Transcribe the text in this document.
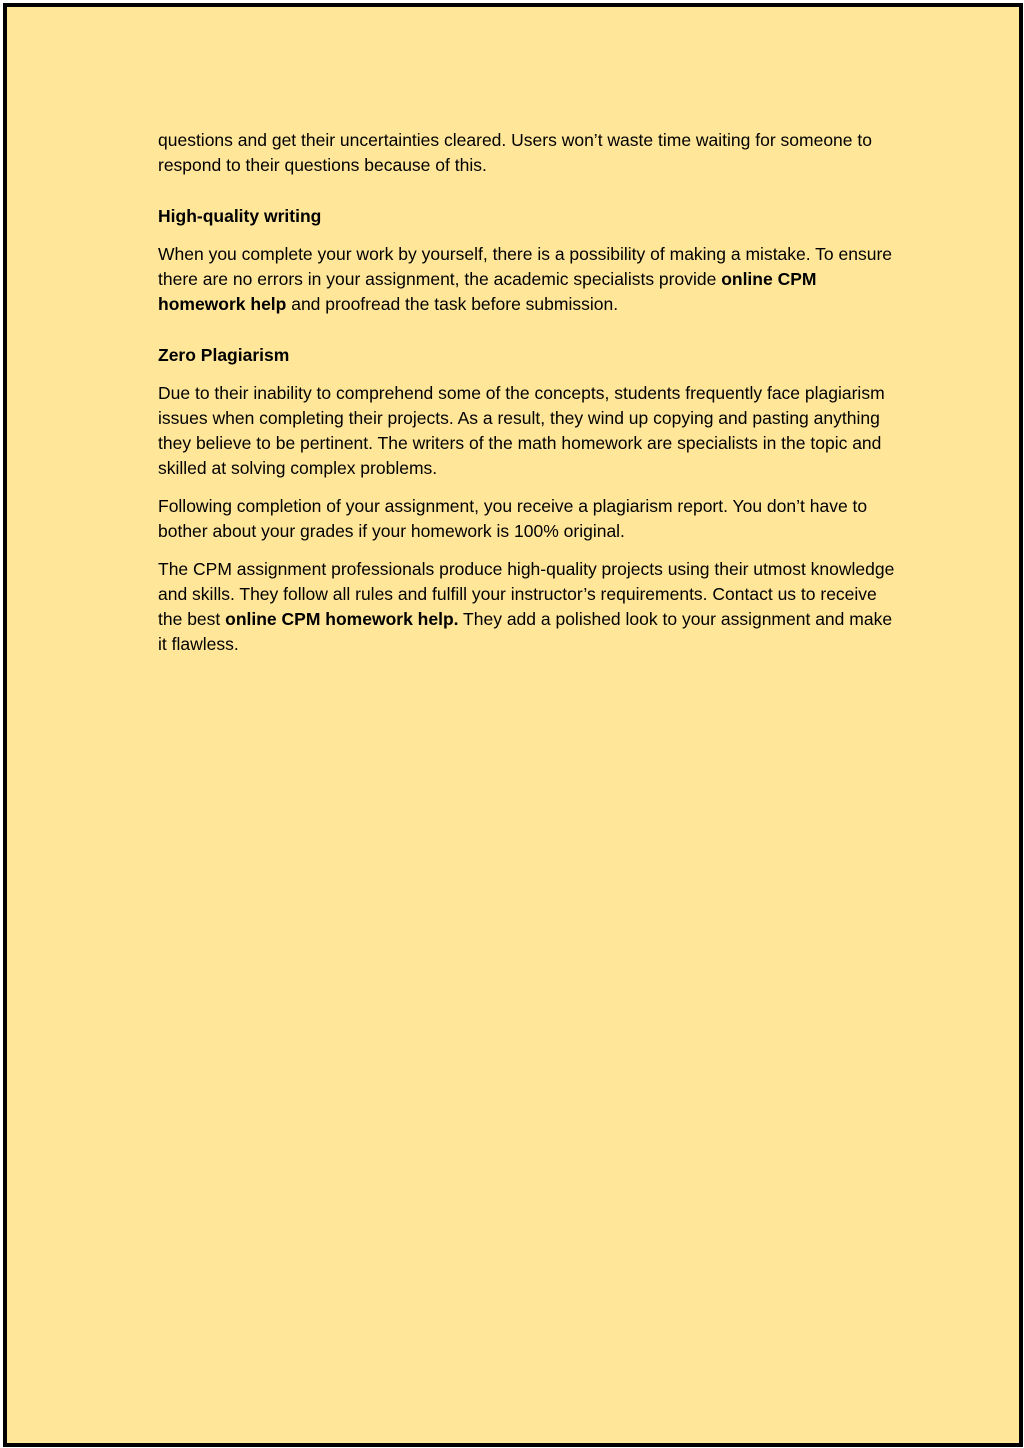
questions and get their uncertainties cleared. Users won’t waste time waiting for someone to respond to their questions because of this.

High-quality writing

When you complete your work by yourself, there is a possibility of making a mistake. To ensure there are no errors in your assignment, the academic specialists provide online CPM homework help and proofread the task before submission.

Zero Plagiarism

Due to their inability to comprehend some of the concepts, students frequently face plagiarism issues when completing their projects. As a result, they wind up copying and pasting anything they believe to be pertinent. The writers of the math homework are specialists in the topic and skilled at solving complex problems.

Following completion of your assignment, you receive a plagiarism report. You don’t have to bother about your grades if your homework is 100% original.

The CPM assignment professionals produce high-quality projects using their utmost knowledge and skills. They follow all rules and fulfill your instructor’s requirements. Contact us to receive the best online CPM homework help. They add a polished look to your assignment and make it flawless.
